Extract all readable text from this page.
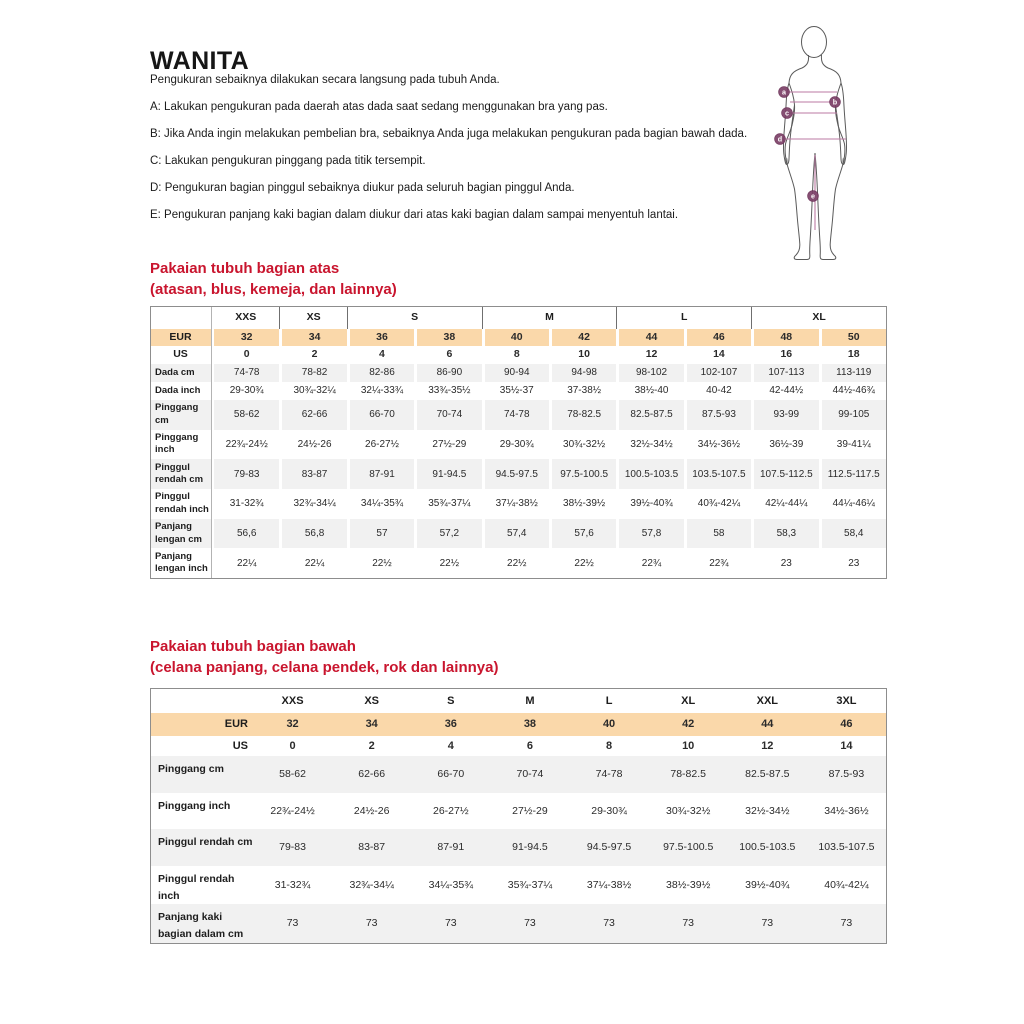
WANITA

Pengukuran sebaiknya dilakukan secara langsung pada tubuh Anda.

A: Lakukan pengukuran pada daerah atas dada saat sedang menggunakan bra yang pas.

B: Jika Anda ingin melakukan pembelian bra, sebaiknya Anda juga melakukan pengukuran pada bagian bawah dada.

C: Lakukan pengukuran pinggang pada titik tersempit.

D: Pengukuran bagian pinggul sebaiknya diukur pada seluruh bagian pinggul Anda.

E: Pengukuran panjang kaki bagian dalam diukur dari atas kaki bagian dalam sampai menyentuh lantai.

a
b
c
d
e
Pakaian tubuh bagian atas
(atasan, blus, kemeja, dan lainnya)
	XXS	XS	S		M		L		XL	
EUR	32	34	36	38	40	42	44	46	48	50
US	0	2	4	6	8	10	12	14	16	18
Dada cm	74-78	78-82	82-86	86-90	90-94	94-98	98-102	102-107	107-113	113-119
Dada inch	29-30¾	30¾-32¼	32¼-33¾	33¾-35½	35½-37	37-38½	38½-40	40-42	42-44½	44½-46¾
Pinggang cm	58-62	62-66	66-70	70-74	74-78	78-82.5	82.5-87.5	87.5-93	93-99	99-105
Pinggang inch	22¾-24½	24½-26	26-27½	27½-29	29-30¾	30¾-32½	32½-34½	34½-36½	36½-39	39-41¼
Pinggul rendah cm	79-83	83-87	87-91	91-94.5	94.5-97.5	97.5-100.5	100.5-103.5	103.5-107.5	107.5-112.5	112.5-117.5
Pinggul rendah inch	31-32¾	32¾-34¼	34¼-35¾	35¾-37¼	37¼-38½	38½-39½	39½-40¾	40¾-42¼	42¼-44¼	44¼-46¼
Panjang lengan cm	56,6	56,8	57	57,2	57,4	57,6	57,8	58	58,3	58,4
Panjang lengan inch	22¼	22¼	22½	22½	22½	22½	22¾	22¾	23	23
Pakaian tubuh bagian bawah
(celana panjang, celana pendek, rok dan lainnya)
	XXS	XS	S	M	L	XL	XXL	3XL
EUR	32	34	36	38	40	42	44	46
US	0	2	4	6	8	10	12	14
Pinggang cm	58-62	62-66	66-70	70-74	74-78	78-82.5	82.5-87.5	87.5-93
Pinggang inch	22¾-24½	24½-26	26-27½	27½-29	29-30¾	30¾-32½	32½-34½	34½-36½
Pinggul rendah cm	79-83	83-87	87-91	91-94.5	94.5-97.5	97.5-100.5	100.5-103.5	103.5-107.5
Pinggul rendah inch	31-32¾	32¾-34¼	34¼-35¾	35¾-37¼	37¼-38½	38½-39½	39½-40¾	40¾-42¼
Panjang kaki bagian dalam cm	73	73	73	73	73	73	73	73
